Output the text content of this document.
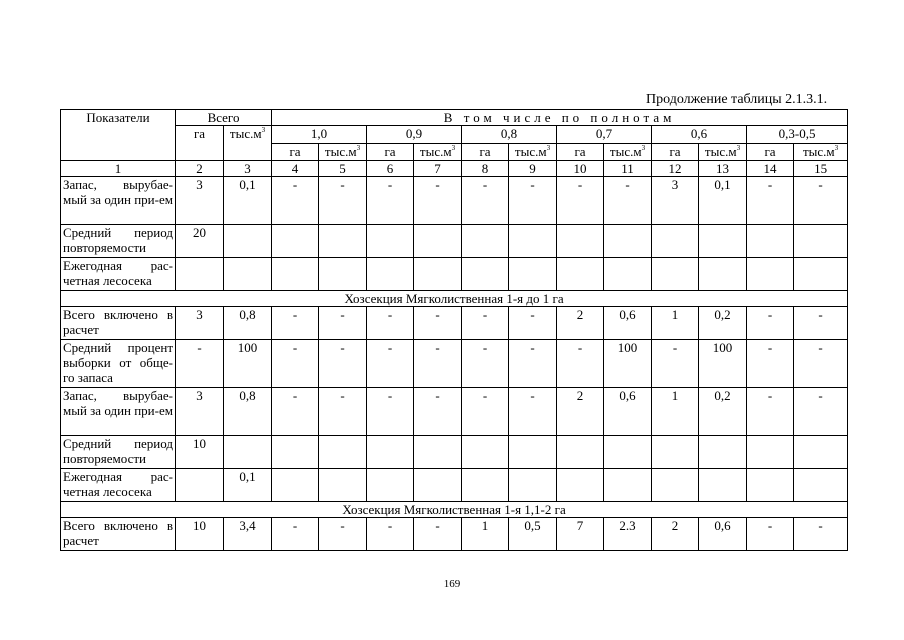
Продолжение таблицы 2.1.3.1.
Показатели	Всего		В том числе по полнотам											
	га	$тыс.м^3$	1,0		0,9		0,8		0,7		0,6		0,3-0,5	
			га	$тыс.м^3$	га	$тыс.м^3$	га	$тыс.м^3$	га	$тыс.м^3$	га	$тыс.м^3$	га	$тыс.м^3$
1	2	3	4	5	6	7	8	9	10	11	12	13	14	15
Запас, вырубае-мый за один при-ем	3	0,1	-	-	-	-	-	-	-	-	3	0,1	-	-
Средний период повторяемости	20													
Ежегодная рас-четная лесосека														
Хозсекция Мягколиственная 1-я до 1 га														
Всего включено в расчет	3	0,8	-	-	-	-	-	-	2	0,6	1	0,2	-	-
Средний процент выборки от обще-го запаса	-	100	-	-	-	-	-	-	-	100	-	100	-	-
Запас, вырубае-мый за один при-ем	3	0,8	-	-	-	-	-	-	2	0,6	1	0,2	-	-
Средний период повторяемости	10													
Ежегодная рас-четная лесосека		0,1												
Хозсекция Мягколиственная 1-я 1,1-2 га														
Всего включено в расчет	10	3,4	-	-	-	-	1	0,5	7	2.3	2	0,6	-	-
169
